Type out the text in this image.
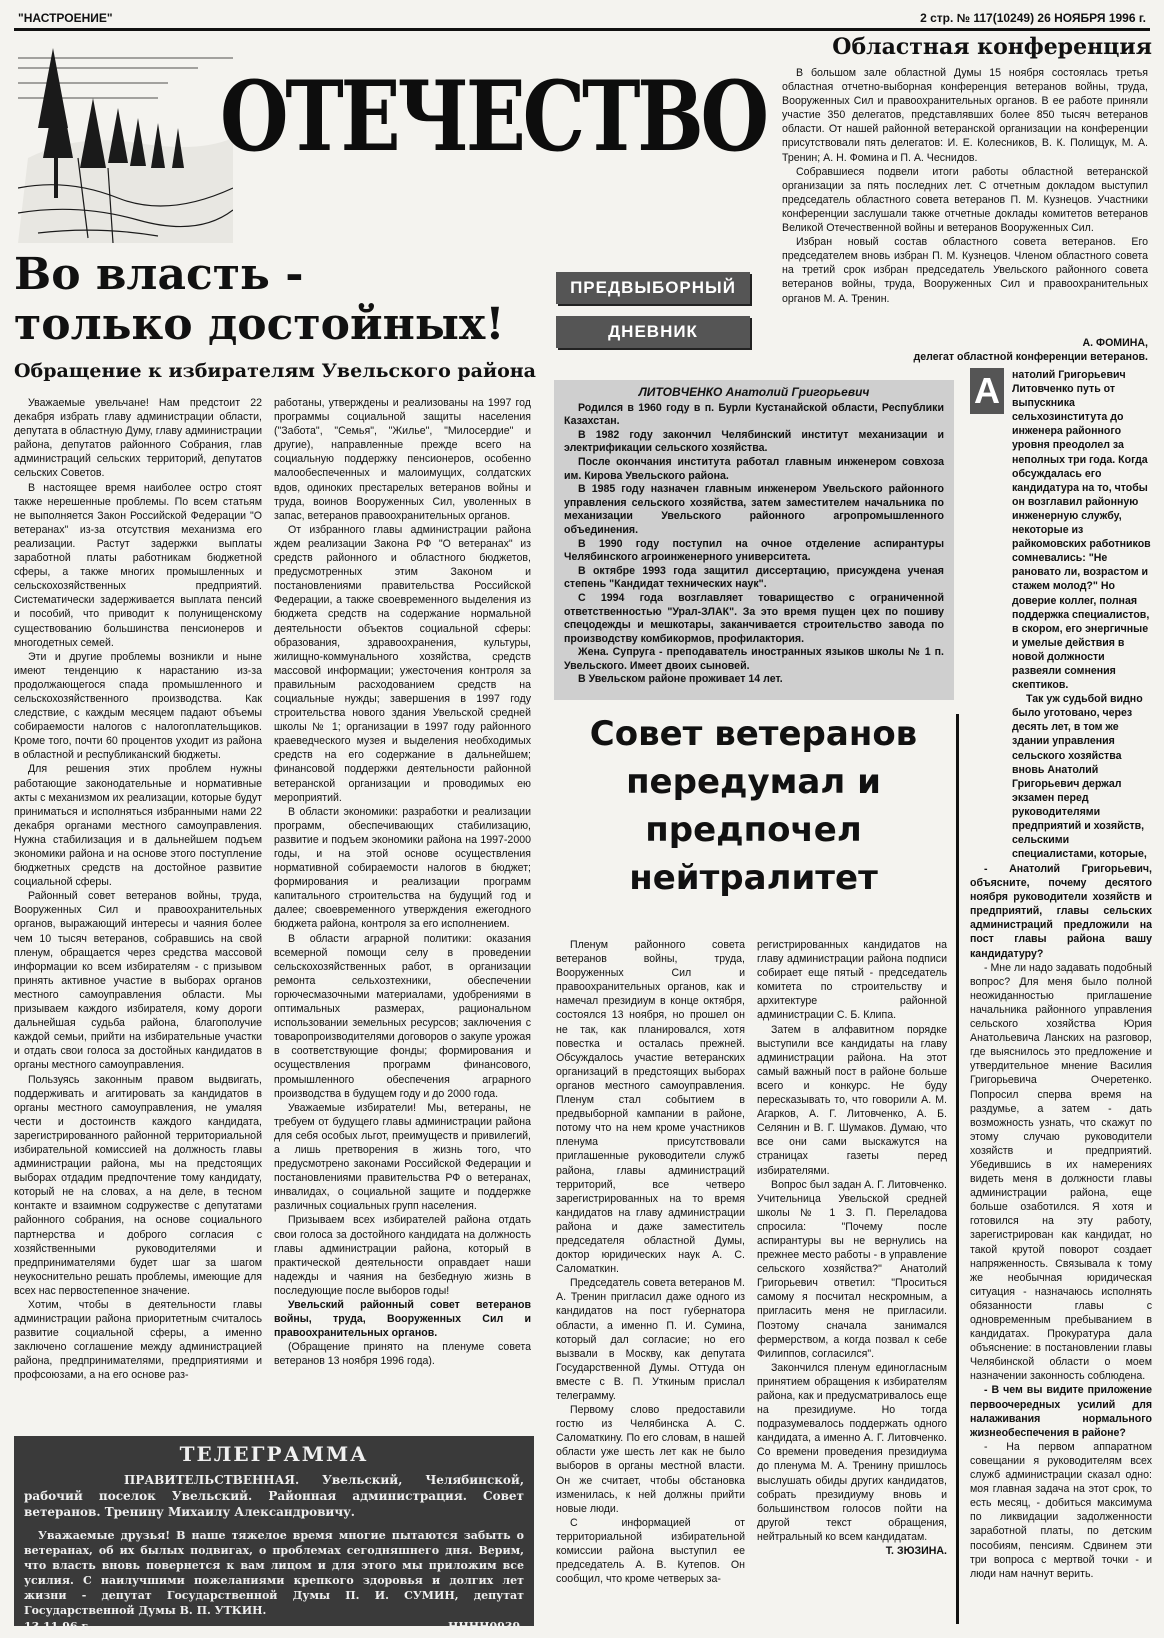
"НАСТРОЕНИЕ"	2 стр. № 117(10249) 26 НОЯБРЯ 1996 г.
ОТЕЧЕСТВО
Во власть -
только достойных!
Обращение к избирателям Увельского района

Уважаемые увельчане! Нам предстоит 22 декабря избрать главу администрации области, депутата в областную Думу, главу администрации района, депутатов районного Собрания, глав администраций сельских территорий, депутатов сельских Советов.

В настоящее время наиболее остро стоят также нерешенные проблемы. По всем статьям не выполняется Закон Российской Федерации "О ветеранах" из-за отсутствия механизма его реализации. Растут задержки выплаты заработной платы работникам бюджетной сферы, а также многих промышленных и сельскохозяйственных предприятий. Систематически задерживается выплата пенсий и пособий, что приводит к полунищенскому существованию большинства пенсионеров и многодетных семей.

Эти и другие проблемы возникли и ныне имеют тенденцию к нарастанию из-за продолжающегося спада промышленного и сельскохозяйственного производства. Как следствие, с каждым месяцем падают объемы собираемости налогов с налогоплательщиков. Кроме того, почти 60 процентов уходит из района в областной и республиканский бюджеты.

Для решения этих проблем нужны работающие законодательные и нормативные акты с механизмом их реализации, которые будут приниматься и исполняться избранными нами 22 декабря органами местного самоуправления. Нужна стабилизация и в дальнейшем подъем экономики района и на основе этого поступление бюджетных средств на достойное развитие социальной сферы.

Районный совет ветеранов войны, труда, Вооруженных Сил и правоохранительных органов, выражающий интересы и чаяния более чем 10 тысяч ветеранов, собравшись на свой пленум, обращается через средства массовой информации ко всем избирателям - с призывом принять активное участие в выборах органов местного самоуправления области. Мы призываем каждого избирателя, кому дороги дальнейшая судьба района, благополучие каждой семьи, прийти на избирательные участки и отдать свои голоса за достойных кандидатов в органы местного самоуправления.

Пользуясь законным правом выдвигать, поддерживать и агитировать за кандидатов в органы местного самоуправления, не умаляя чести и достоинств каждого кандидата, зарегистрированного районной территориальной избирательной комиссией на должность главы администрации района, мы на предстоящих выборах отдадим предпочтение тому кандидату, который не на словах, а на деле, в тесном контакте и взаимном содружестве с депутатами районного собрания, на основе социального партнерства и доброго согласия с хозяйственными руководителями и предпринимателями будет шаг за шагом неукоснительно решать проблемы, имеющие для всех нас первостепенное значение.

Хотим, чтобы в деятельности главы администрации района приоритетным считалось развитие социальной сферы, а именно заключено соглашение между администрацией района, предпринимателями, предприятиями и профсоюзами, а на его основе раз-

работаны, утверждены и реализованы на 1997 год программы социальной защиты населения ("Забота", "Семья", "Жилье", "Милосердие" и другие), направленные прежде всего на социальную поддержку пенсионеров, особенно малообеспеченных и малоимущих, солдатских вдов, одиноких престарелых ветеранов войны и труда, воинов Вооруженных Сил, уволенных в запас, ветеранов правоохранительных органов.

От избранного главы администрации района ждем реализации Закона РФ "О ветеранах" из средств районного и областного бюджетов, предусмотренных этим Законом и постановлениями правительства Российской Федерации, а также своевременного выделения из бюджета средств на содержание нормальной деятельности объектов социальной сферы: образования, здравоохранения, культуры, жилищно-коммунального хозяйства, средств массовой информации; ужесточения контроля за правильным расходованием средств на социальные нужды; завершения в 1997 году строительства нового здания Увельской средней школы № 1; организации в 1997 году районного краеведческого музея и выделения необходимых средств на его содержание в дальнейшем; финансовой поддержки деятельности районной ветеранской организации и проводимых ею мероприятий.

В области экономики: разработки и реализации программ, обеспечивающих стабилизацию, развитие и подъем экономики района на 1997-2000 годы, и на этой основе осуществления нормативной собираемости налогов в бюджет; формирования и реализации программ капитального строительства на будущий год и далее; своевременного утверждения ежегодного бюджета района, контроля за его исполнением.

В области аграрной политики: оказания всемерной помощи селу в проведении сельскохозяйственных работ, в организации ремонта сельхозтехники, обеспечении горючесмазочными материалами, удобрениями в оптимальных размерах, рациональном использовании земельных ресурсов; заключения с товаропроизводителями договоров о закупе урожая в соответствующие фонды; формирования и осуществления программ финансового, промышленного обеспечения аграрного производства в будущем году и до 2000 года.

Уважаемые избиратели! Мы, ветераны, не требуем от будущего главы администрации района для себя особых льгот, преимуществ и привилегий, а лишь претворения в жизнь того, что предусмотрено законами Российской Федерации и постановлениями правительства РФ о ветеранах, инвалидах, о социальной защите и поддержке различных социальных групп населения.

Призываем всех избирателей района отдать свои голоса за достойного кандидата на должность главы администрации района, который в практической деятельности оправдает наши надежды и чаяния на безбедную жизнь в последующие после выборов годы!

Увельский районный совет ветеранов войны, труда, Вооруженных Сил и правоохранительных органов.

(Обращение принято на пленуме совета ветеранов 13 ноября 1996 года).

ТЕЛЕГРАММА
ПРАВИТЕЛЬСТВЕННАЯ. Увельский, Челябинской, рабочий поселок Увельский. Районная администрация. Совет ветеранов. Тренину Михаилу Александровичу.
Уважаемые друзья! В наше тяжелое время многие пытаются забыть о ветеранах, об их былых подвигах, о проблемах сегодняшнего дня. Верим, что власть вновь повернется к вам лицом и для этого мы приложим все усилия. С наилучшими пожеланиями крепкого здоровья и долгих лет жизни - депутат Государственной Думы П. И. СУМИН, депутат Государственной Думы В. П. УТКИН.
13.11.96 г.	НННН0939.
Областная конференция

В большом зале областной Думы 15 ноября состоялась третья областная отчетно-выборная конференция ветеранов войны, труда, Вооруженных Сил и правоохранительных органов. В ее работе приняли участие 350 делегатов, представлявших более 850 тысяч ветеранов области. От нашей районной ветеранской организации на конференции присутствовали пять делегатов: И. Е. Колесников, В. К. Полищук, М. А. Тренин; А. Н. Фомина и П. А. Чеснидов.

Собравшиеся подвели итоги работы областной ветеранской организации за пять последних лет. С отчетным докладом выступил председатель областного совета ветеранов П. М. Кузнецов. Участники конференции заслушали также отчетные доклады комитетов ветеранов Великой Отечественной войны и ветеранов Вооруженных Сил.

Избран новый состав областного совета ветеранов. Его председателем вновь избран П. М. Кузнецов. Членом областного совета на третий срок избран председатель Увельского районного совета ветеранов войны, труда, Вооруженных Сил и правоохранительных органов М. А. Тренин.

А. ФОМИНА,
делегат областной конференции ветеранов.
ПРЕДВЫБОРНЫЙ
ДНЕВНИК
ЛИТОВЧЕНКО Анатолий Григорьевич

Родился в 1960 году в п. Бурли Кустанайской области, Республики Казахстан.

В 1982 году закончил Челябинский институт механизации и электрификации сельского хозяйства.

После окончания института работал главным инженером совхоза им. Кирова Увельского района.

В 1985 году назначен главным инженером Увельского районного управления сельского хозяйства, затем заместителем начальника по механизации Увельского районного агропромышленного объединения.

В 1990 году поступил на очное отделение аспирантуры Челябинского агроинженерного университета.

В октябре 1993 года защитил диссертацию, присуждена ученая степень "Кандидат технических наук".

С 1994 года возглавляет товарищество с ограниченной ответственностью "Урал-ЗЛАК". За это время пущен цех по пошиву спецодежды и мешкотары, заканчивается строительство завода по производству комбикормов, профилактория.

Жена. Супруга - преподаватель иностранных языков школы № 1 п. Увельского. Имеет двоих сыновей.

В Увельском районе проживает 14 лет.

А	натолий Григорьевич Литовченко путь от выпускника сельхозинститута до инженера районного уровня преодолел за неполных три года. Когда обсуждалась его кандидатура на то, чтобы он возглавил районную инженерную службу, некоторые из райкомовских работников сомневались: "Не рановато ли, возрастом и стажем молод?" Но доверие коллег, полная поддержка специалистов, в скором, его энергичные и умелые действия в новой должности развеяли сомнения скептиков.

Так уж судьбой видно было уготовано, через десять лет, в том же здании управления сельского хозяйства вновь Анатолий Григорьевич держал экзамен перед руководителями предприятий и хозяйств, сельскими специалистами, которые,

- Анатолий Григорьевич, объясните, почему десятого ноября руководители хозяйств и предприятий, главы сельских администраций предложили на пост главы района вашу кандидатуру?

- Мне ли надо задавать подобный вопрос? Для меня было полной неожиданностью приглашение начальника районного управления сельского хозяйства Юрия Анатольевича Ланских на разговор, где выяснилось это предложение и утвердительное мнение Василия Григорьевича Очеретенко. Попросил сперва время на раздумье, а затем - дать возможность узнать, что скажут по этому случаю руководители хозяйств и предприятий. Убедившись в их намерениях видеть меня в должности главы администрации района, еще больше озаботился. Я хотя и готовился на эту работу, зарегистрирован как кандидат, но такой крутой поворот создает напряженность. Связывала к тому же необычная юридическая ситуация - назначаюсь исполнять обязанности главы с одновременным пребыванием в кандидатах. Прокуратура дала объяснение: в постановлении главы Челябинской области о моем назначении законность соблюдена.

- В чем вы видите приложение первоочередных усилий для налаживания нормального жизнеобеспечения в районе?

- На первом аппаратном совещании я руководителям всех служб администрации сказал одно: моя главная задача на этот срок, то есть месяц, - добиться максимума по ликвидации задолженности заработной платы, по детским пособиям, пенсиям. Сдвинем эти три вопроса с мертвой точки - и люди нам начнут верить.

Совет ветеранов передумал и предпочел нейтралитет

Пленум районного совета ветеранов войны, труда, Вооруженных Сил и правоохранительных органов, как и намечал президиум в конце октября, состоялся 13 ноября, но прошел он не так, как планировался, хотя повестка и осталась прежней. Обсуждалось участие ветеранских организаций в предстоящих выборах органов местного самоуправления. Пленум стал событием в предвыборной кампании в районе, потому что на нем кроме участников пленума присутствовали приглашенные руководители служб района, главы администраций территорий, все четверо зарегистрированных на то время кандидатов на главу администрации района и даже заместитель председателя областной Думы, доктор юридических наук А. С. Саломаткин.

Председатель совета ветеранов М. А. Тренин пригласил даже одного из кандидатов на пост губернатора области, а именно П. И. Сумина, который дал согласие; но его вызвали в Москву, как депутата Государственной Думы. Оттуда он вместе с В. П. Уткиным прислал телеграмму.

Первому слово предоставили гостю из Челябинска А. С. Саломаткину. По его словам, в нашей области уже шесть лет как не было выборов в органы местной власти. Он же считает, чтобы обстановка изменилась, к ней должны прийти новые люди.

С информацией от территориальной избирательной комиссии района выступил ее председатель А. В. Кутепов. Он сообщил, что кроме четверых за-

регистрированных кандидатов на главу администрации района подписи собирает еще пятый - председатель комитета по строительству и архитектуре районной администрации С. Б. Клипа.

Затем в алфавитном порядке выступили все кандидаты на главу администрации района. На этот самый важный пост в районе больше всего и конкурс. Не буду пересказывать то, что говорили А. М. Агарков, А. Г. Литовченко, А. Б. Селянин и В. Г. Шумаков. Думаю, что все они сами выскажутся на страницах газеты перед избирателями.

Вопрос был задан А. Г. Литовченко. Учительница Увельской средней школы № 1 З. П. Переладова спросила: "Почему после аспирантуры вы не вернулись на прежнее место работы - в управление сельского хозяйства?" Анатолий Григорьевич ответил: "Проситься самому я посчитал нескромным, а пригласить меня не пригласили. Поэтому сначала занимался фермерством, а когда позвал к себе Филиппов, согласился".

Закончился пленум единогласным принятием обращения к избирателям района, как и предусматривалось еще на президиуме. Но тогда подразумевалось поддержать одного кандидата, а именно А. Г. Литовченко. Со времени проведения президиума до пленума М. А. Тренину пришлось выслушать обиды других кандидатов, собрать президиуму вновь и большинством голосов пойти на другой текст обращения, нейтральный ко всем кандидатам.

Т. ЗЮЗИНА.
